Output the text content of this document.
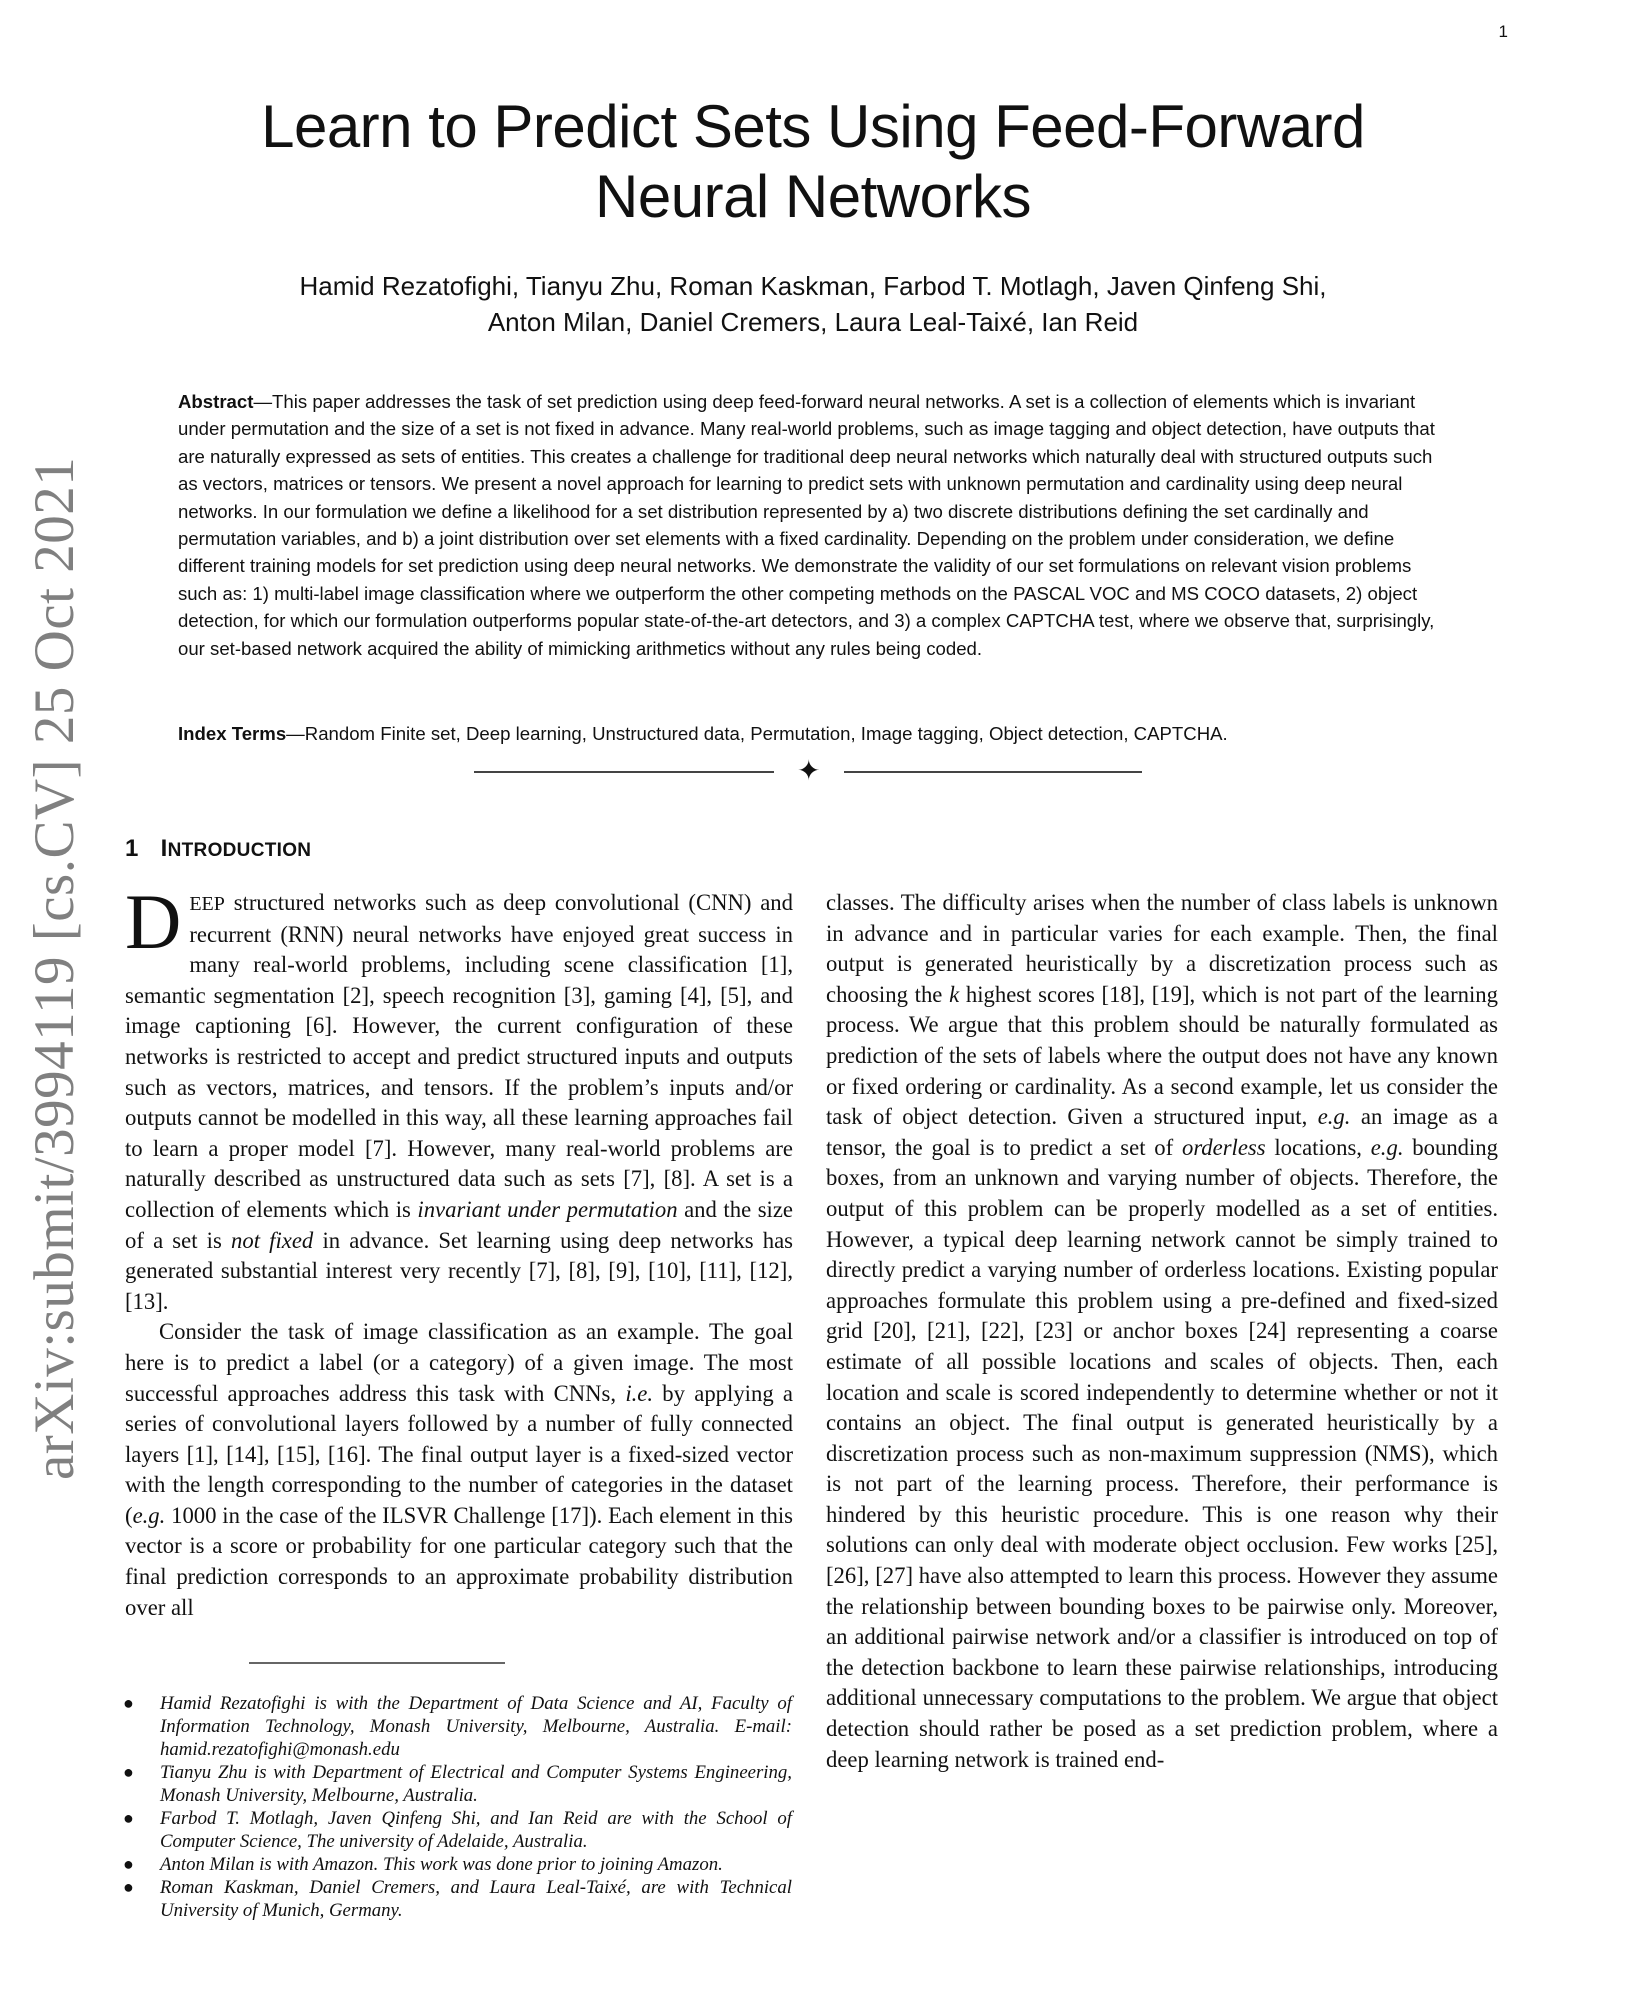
1
arXiv:submit/3994119 [cs.CV] 25 Oct 2021
Learn to Predict Sets Using Feed-Forward
Neural Networks
Hamid Rezatofighi, Tianyu Zhu, Roman Kaskman, Farbod T. Motlagh, Javen Qinfeng Shi,
Anton Milan, Daniel Cremers, Laura Leal-Taixé, Ian Reid
Abstract—This paper addresses the task of set prediction using deep feed-forward neural networks. A set is a collection of elements which is invariant under permutation and the size of a set is not fixed in advance. Many real-world problems, such as image tagging and object detection, have outputs that are naturally expressed as sets of entities. This creates a challenge for traditional deep neural networks which naturally deal with structured outputs such as vectors, matrices or tensors. We present a novel approach for learning to predict sets with unknown permutation and cardinality using deep neural networks. In our formulation we define a likelihood for a set distribution represented by a) two discrete distributions defining the set cardinally and permutation variables, and b) a joint distribution over set elements with a fixed cardinality. Depending on the problem under consideration, we define different training models for set prediction using deep neural networks. We demonstrate the validity of our set formulations on relevant vision problems such as: 1) multi-label image classification where we outperform the other competing methods on the PASCAL VOC and MS COCO datasets, 2) object detection, for which our formulation outperforms popular state-of-the-art detectors, and 3) a complex CAPTCHA test, where we observe that, surprisingly, our set-based network acquired the ability of mimicking arithmetics without any rules being coded.
Index Terms—Random Finite set, Deep learning, Unstructured data, Permutation, Image tagging, Object detection, CAPTCHA.
✦
1 INTRODUCTION

DEEP structured networks such as deep convolutional (CNN) and recurrent (RNN) neural networks have enjoyed great success in many real-world problems, including scene classification [1], semantic segmentation [2], speech recognition [3], gaming [4], [5], and image captioning [6]. However, the current configuration of these networks is restricted to accept and predict structured inputs and outputs such as vectors, matrices, and tensors. If the problem’s inputs and/or outputs cannot be modelled in this way, all these learning approaches fail to learn a proper model [7]. However, many real-world problems are naturally described as unstructured data such as sets [7], [8]. A set is a collection of elements which is invariant under permutation and the size of a set is not fixed in advance. Set learning using deep networks has generated substantial interest very recently [7], [8], [9], [10], [11], [12], [13].

Consider the task of image classification as an example. The goal here is to predict a label (or a category) of a given image. The most successful approaches address this task with CNNs, i.e. by applying a series of convolutional layers followed by a number of fully connected layers [1], [14], [15], [16]. The final output layer is a fixed-sized vector with the length corresponding to the number of categories in the dataset (e.g. 1000 in the case of the ILSVR Challenge [17]). Each element in this vector is a score or probability for one particular category such that the final prediction corresponds to an approximate probability distribution over all

● Hamid Rezatofighi is with the Department of Data Science and AI, Faculty of Information Technology, Monash University, Melbourne, Australia. E-mail: hamid.rezatofighi@monash.edu
● Tianyu Zhu is with Department of Electrical and Computer Systems Engineering, Monash University, Melbourne, Australia.
● Farbod T. Motlagh, Javen Qinfeng Shi, and Ian Reid are with the School of Computer Science, The university of Adelaide, Australia.
● Anton Milan is with Amazon. This work was done prior to joining Amazon.
● Roman Kaskman, Daniel Cremers, and Laura Leal-Taixé, are with Technical University of Munich, Germany.

classes. The difficulty arises when the number of class labels is unknown in advance and in particular varies for each example. Then, the final output is generated heuristically by a discretization process such as choosing the k highest scores [18], [19], which is not part of the learning process. We argue that this problem should be naturally formulated as prediction of the sets of labels where the output does not have any known or fixed ordering or cardinality. As a second example, let us consider the task of object detection. Given a structured input, e.g. an image as a tensor, the goal is to predict a set of orderless locations, e.g. bounding boxes, from an unknown and varying number of objects. Therefore, the output of this problem can be properly modelled as a set of entities. However, a typical deep learning network cannot be simply trained to directly predict a varying number of orderless locations. Existing popular approaches formulate this problem using a pre-defined and fixed-sized grid [20], [21], [22], [23] or anchor boxes [24] representing a coarse estimate of all possible locations and scales of objects. Then, each location and scale is scored independently to determine whether or not it contains an object. The final output is generated heuristically by a discretization process such as non-maximum suppression (NMS), which is not part of the learning process. Therefore, their performance is hindered by this heuristic procedure. This is one reason why their solutions can only deal with moderate object occlusion. Few works [25], [26], [27] have also attempted to learn this process. However they assume the relationship between bounding boxes to be pairwise only. Moreover, an additional pairwise network and/or a classifier is introduced on top of the detection backbone to learn these pairwise relationships, introducing additional unnecessary computations to the problem. We argue that object detection should rather be posed as a set prediction problem, where a deep learning network is trained end-
